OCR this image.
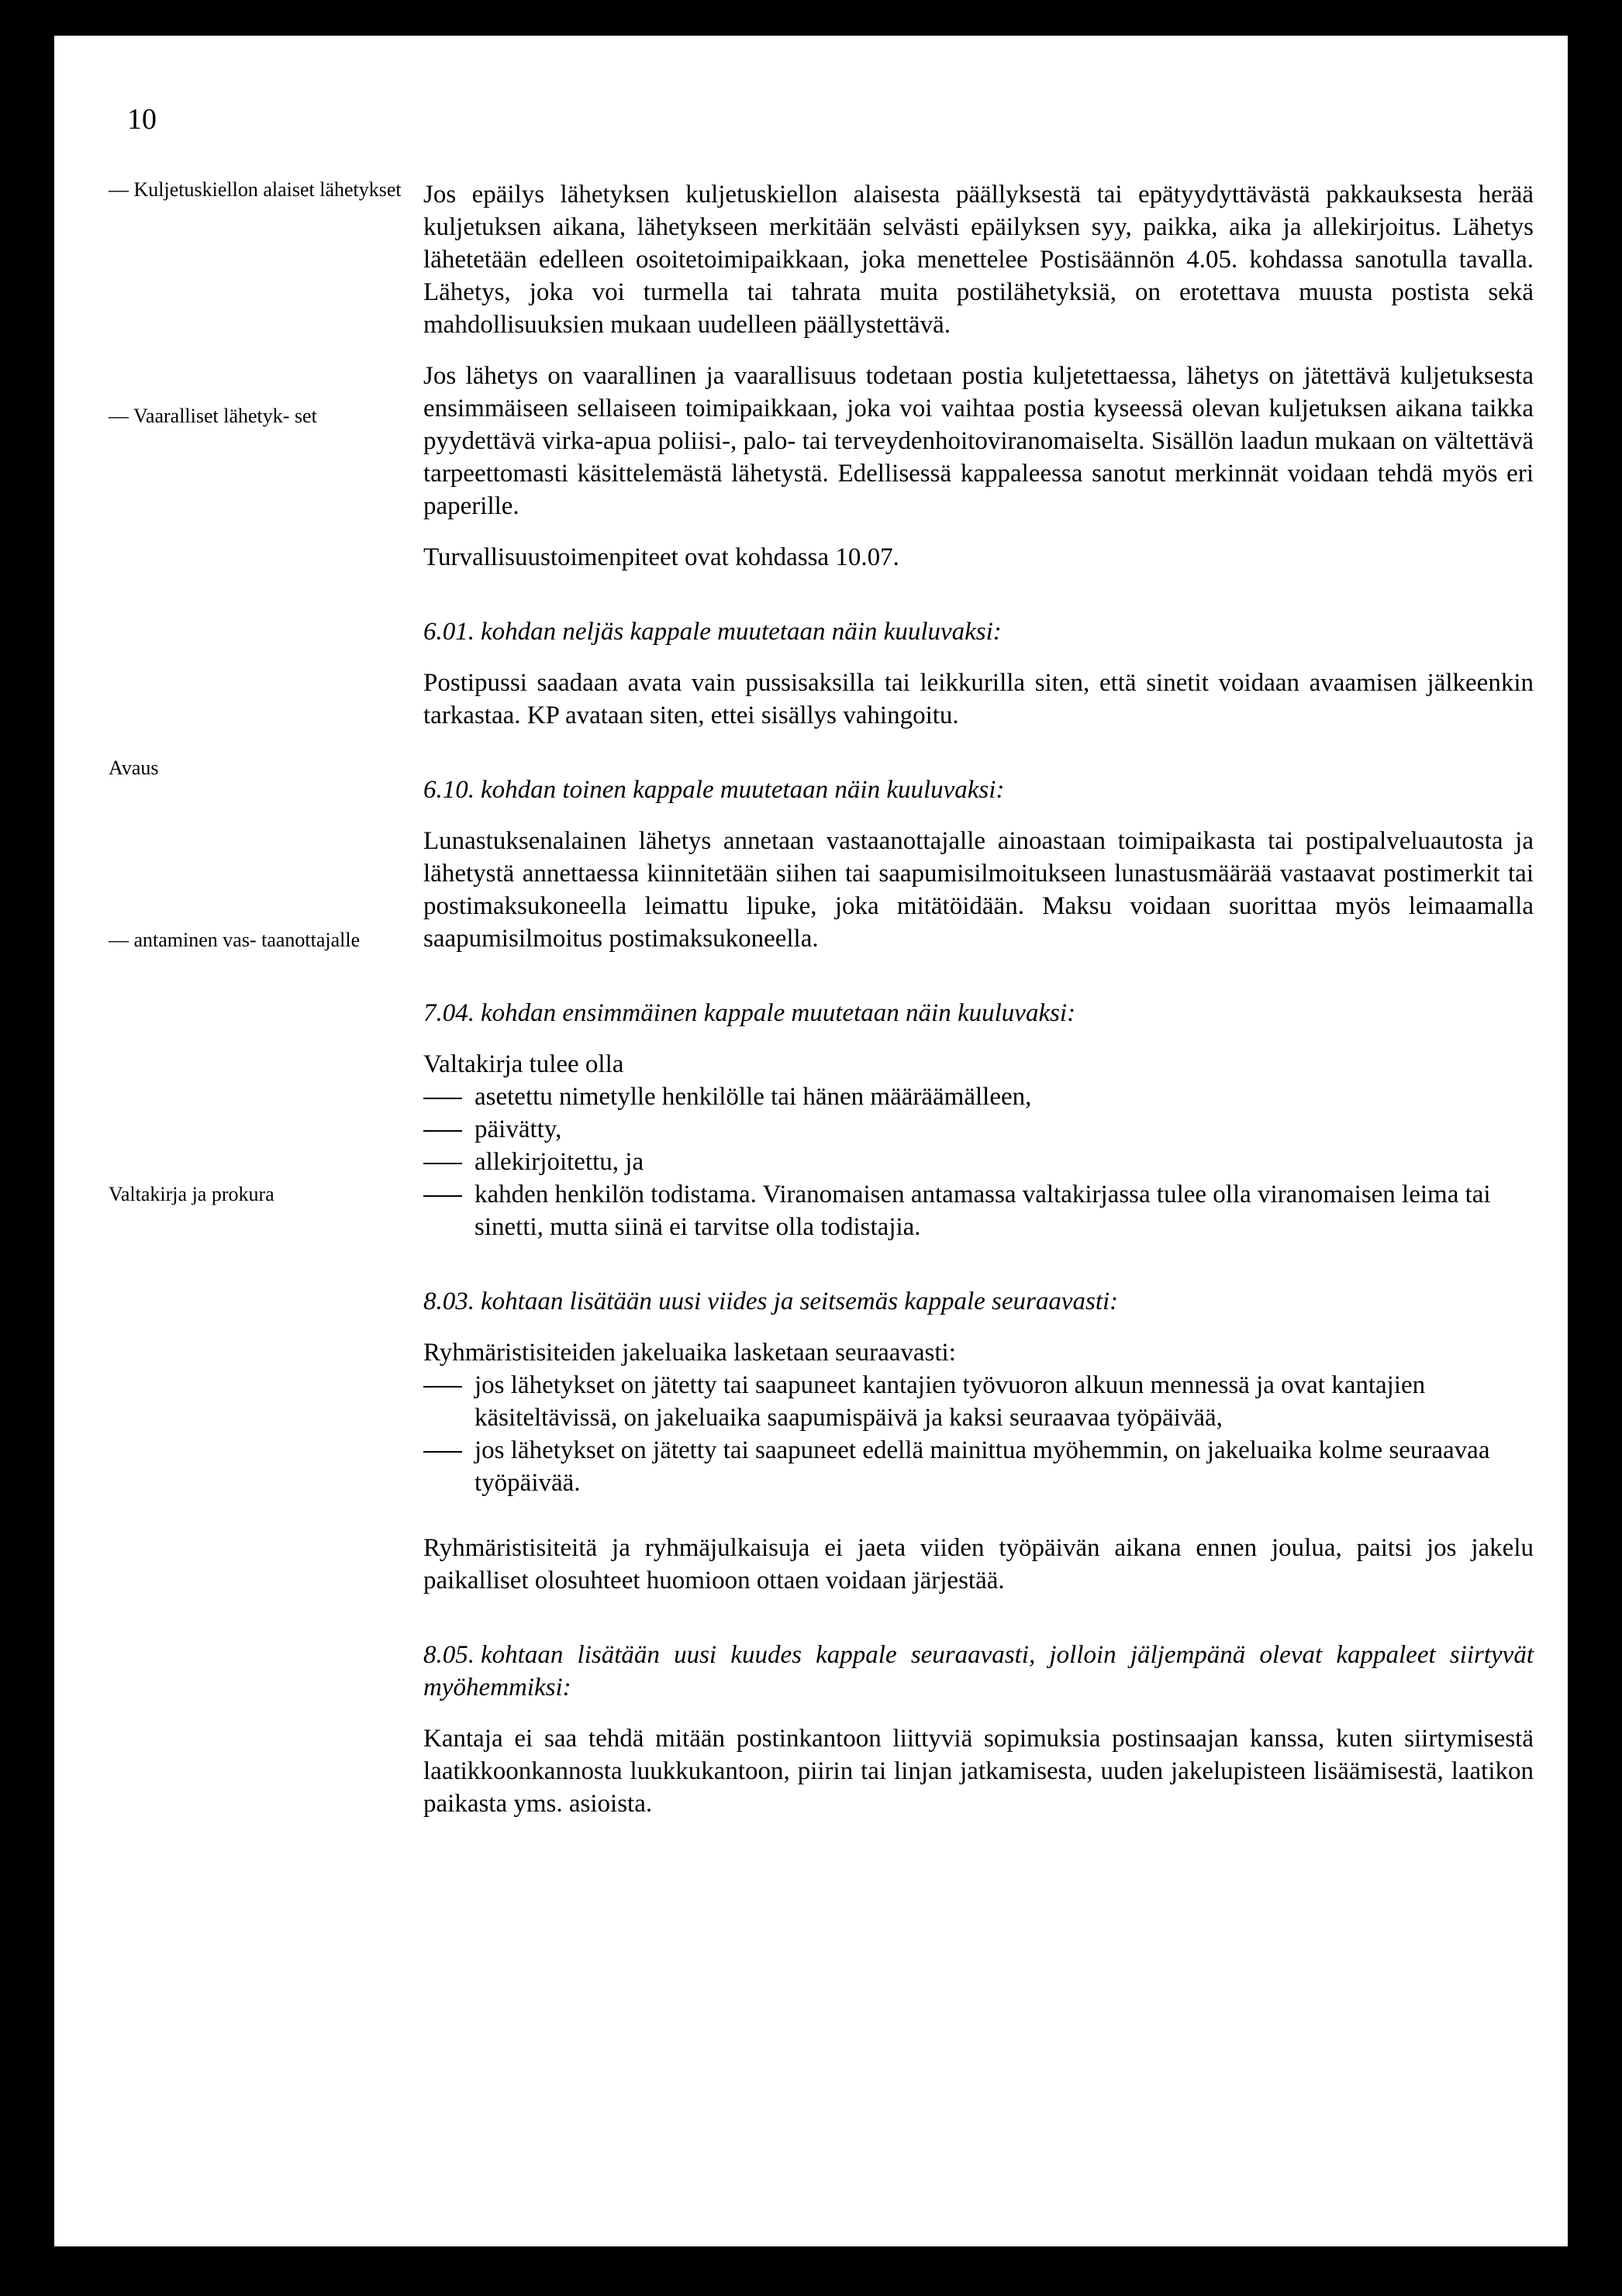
10
— Kuljetuskiellon alaiset lähetykset
— Vaaralliset lähetyk- set
Avaus
— antaminen vas- taanottajalle
Valtakirja ja prokura

Jos epäilys lähetyksen kuljetuskiellon alaisesta päällyksestä tai epätyydyttävästä pakkauksesta herää kuljetuksen aikana, lähetykseen merkitään selvästi epäilyksen syy, paikka, aika ja allekirjoitus. Lähetys lähetetään edelleen osoitetoimipaikkaan, joka menettelee Postisäännön 4.05. kohdassa sanotulla tavalla. Lähetys, joka voi turmella tai tahrata muita postilähetyksiä, on erotettava muusta postista sekä mahdollisuuksien mukaan uudelleen päällystettävä.

Jos lähetys on vaarallinen ja vaarallisuus todetaan postia kuljetettaessa, lähetys on jätettävä kuljetuksesta ensimmäiseen sellaiseen toimipaikkaan, joka voi vaihtaa postia kyseessä olevan kuljetuksen aikana taikka pyydettävä virka-apua poliisi-, palo- tai terveydenhoitoviranomaiselta. Sisällön laadun mukaan on vältettävä tarpeettomasti käsittelemästä lähetystä. Edellisessä kappaleessa sanotut merkinnät voidaan tehdä myös eri paperille.

Turvallisuustoimenpiteet ovat kohdassa 10.07.

6.01. kohdan neljäs kappale muutetaan näin kuuluvaksi:

Postipussi saadaan avata vain pussisaksilla tai leikkurilla siten, että sinetit voidaan avaamisen jälkeenkin tarkastaa. KP avataan siten, ettei sisällys vahingoitu.

6.10. kohdan toinen kappale muutetaan näin kuuluvaksi:

Lunastuksenalainen lähetys annetaan vastaanottajalle ainoastaan toimipaikasta tai postipalveluautosta ja lähetystä annettaessa kiinnitetään siihen tai saapumisilmoitukseen lunastusmäärää vastaavat postimerkit tai postimaksukoneella leimattu lipuke, joka mitätöidään. Maksu voidaan suorittaa myös leimaamalla saapumisilmoitus postimaksukoneella.

7.04. kohdan ensimmäinen kappale muutetaan näin kuuluvaksi:

Valtakirja tulee olla

asetettu nimetylle henkilölle tai hänen määräämälleen,
päivätty,
allekirjoitettu, ja
kahden henkilön todistama. Viranomaisen antamassa valtakirjassa tulee olla viranomaisen leima tai sinetti, mutta siinä ei tarvitse olla todistajia.

8.03. kohtaan lisätään uusi viides ja seitsemäs kappale seuraavasti:

Ryhmäristisiteiden jakeluaika lasketaan seuraavasti:

jos lähetykset on jätetty tai saapuneet kantajien työvuoron alkuun mennessä ja ovat kantajien käsiteltävissä, on jakeluaika saapumispäivä ja kaksi seuraavaa työpäivää,
jos lähetykset on jätetty tai saapuneet edellä mainittua myöhemmin, on jakeluaika kolme seuraavaa työpäivää.

Ryhmäristisiteitä ja ryhmäjulkaisuja ei jaeta viiden työpäivän aikana ennen joulua, paitsi jos jakelu paikalliset olosuhteet huomioon ottaen voidaan järjestää.

8.05. kohtaan lisätään uusi kuudes kappale seuraavasti, jolloin jäljempänä olevat kappaleet siirtyvät myöhemmiksi:

Kantaja ei saa tehdä mitään postinkantoon liittyviä sopimuksia postinsaajan kanssa, kuten siirtymisestä laatikkoonkannosta luukkukantoon, piirin tai linjan jatkamisesta, uuden jakelupisteen lisäämisestä, laatikon paikasta yms. asioista.
